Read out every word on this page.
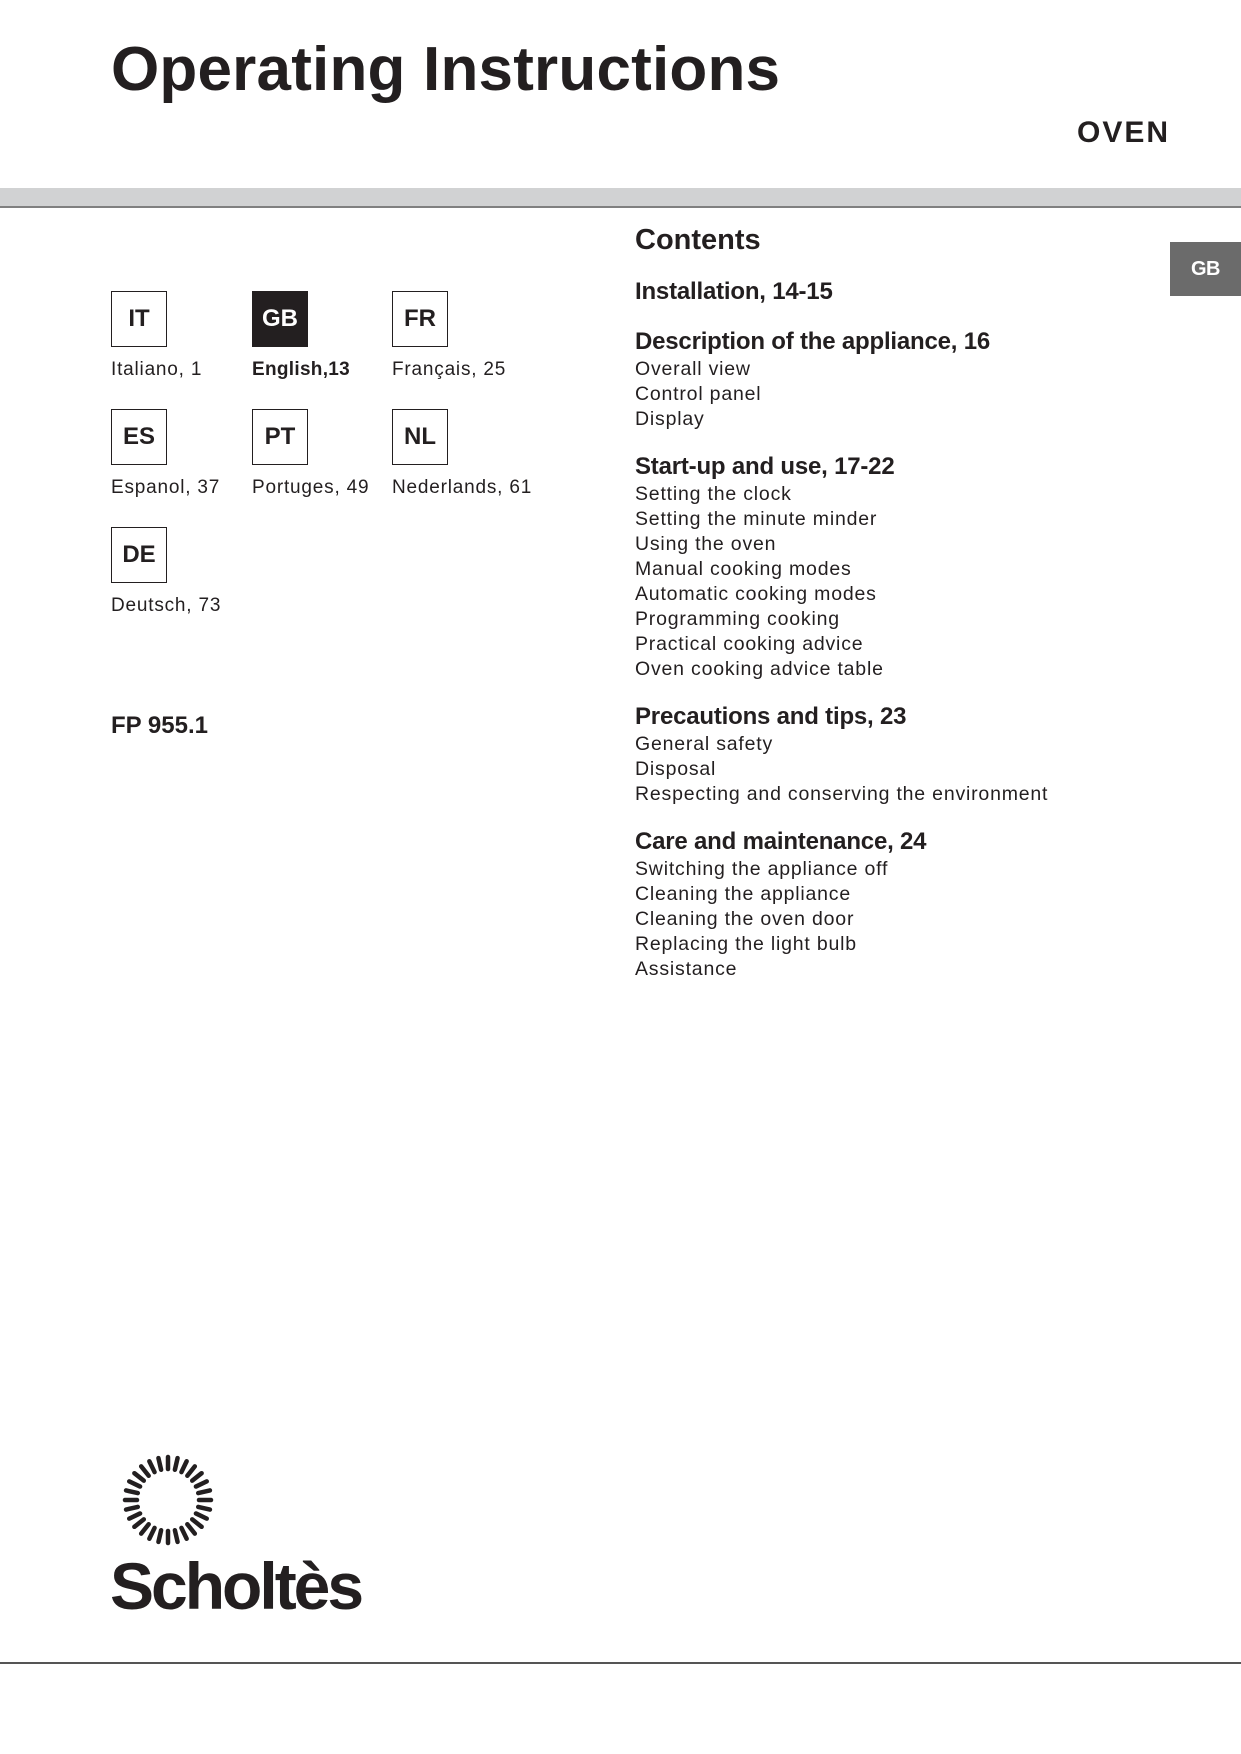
Operating Instructions
OVEN
GB
IT
Italiano, 1
GB
English,13
FR
Français, 25
ES
Espanol, 37
PT
Portuges, 49
NL
Nederlands, 61
DE
Deutsch, 73
FP 955.1
Contents
Installation, 14-15
Description of the appliance, 16
Overall view
Control panel
Display
Start-up and use, 17-22
Setting the clock
Setting the minute minder
Using the oven
Manual cooking modes
Automatic cooking modes
Programming cooking
Practical cooking advice
Oven cooking advice table
Precautions and tips, 23
General safety
Disposal
Respecting and conserving the environment
Care and maintenance, 24
Switching the appliance off
Cleaning the appliance
Cleaning the oven door
Replacing the light bulb
Assistance
Scholtès
